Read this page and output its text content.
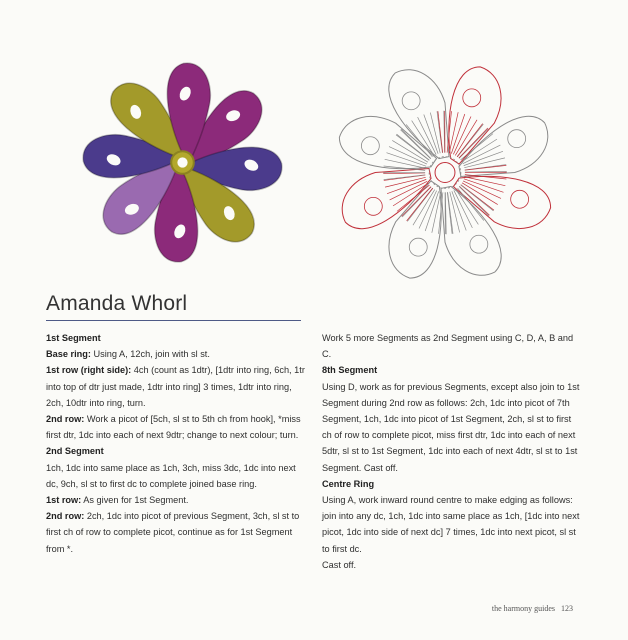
Amanda Whorl

1st Segment

Base ring: Using A, 12ch, join with sl st.

1st row (right side): 4ch (count as 1dtr), [1dtr into ring, 6ch, 1tr into top of dtr just made, 1dtr into ring] 3 times, 1dtr into ring, 2ch, 10dtr into ring, turn.

2nd row: Work a picot of [5ch, sl st to 5th ch from hook], *miss first dtr, 1dc into each of next 9dtr; change to next colour; turn.

2nd Segment

1ch, 1dc into same place as 1ch, 3ch, miss 3dc, 1dc into next dc, 9ch, sl st to first dc to complete joined base ring.

1st row: As given for 1st Segment.

2nd row: 2ch, 1dc into picot of previous Segment, 3ch, sl st to first ch of row to complete picot, continue as for 1st Segment from *.

Work 5 more Segments as 2nd Segment using C, D, A, B and C.

8th Segment

Using D, work as for previous Segments, except also join to 1st Segment during 2nd row as follows: 2ch, 1dc into picot of 7th Segment, 1ch, 1dc into picot of 1st Segment, 2ch, sl st to first ch of row to complete picot, miss first dtr, 1dc into each of next 5dtr, sl st to 1st Segment, 1dc into each of next 4dtr, sl st to 1st Segment. Cast off.

Centre Ring

Using A, work inward round centre to make edging as follows: join into any dc, 1ch, 1dc into same place as 1ch, [1dc into next picot, 1dc into side of next dc] 7 times, 1dc into next picot, sl st to first dc.

Cast off.

the harmony guides 123
